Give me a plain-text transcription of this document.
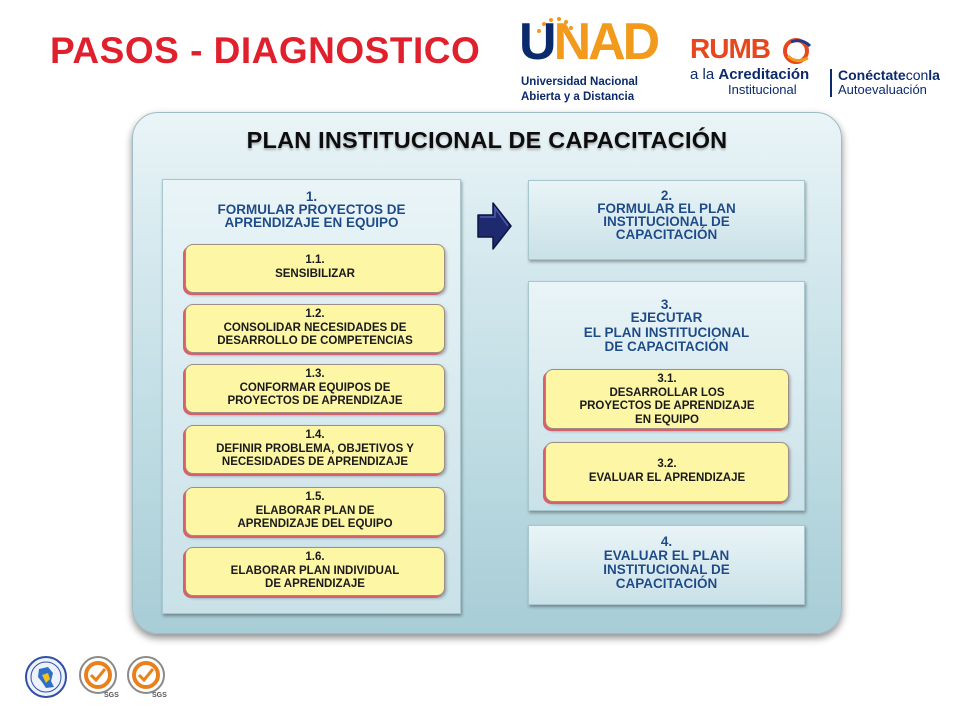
PASOS - DIAGNOSTICO UNAD
Universidad Nacional
Abierta y a Distancia
RUMB
a la Acreditación
Institucional
Conéctateconla
Autoevaluación
PLAN INSTITUCIONAL DE CAPACITACIÓN
1.
FORMULAR PROYECTOS DE
APRENDIZAJE EN EQUIPO
1.1.
SENSIBILIZAR
1.2.
CONSOLIDAR NECESIDADES DE
DESARROLLO DE COMPETENCIAS
1.3.
CONFORMAR EQUIPOS DE
PROYECTOS DE APRENDIZAJE
1.4.
DEFINIR PROBLEMA, OBJETIVOS Y
NECESIDADES DE APRENDIZAJE
1.5.
ELABORAR PLAN DE
APRENDIZAJE DEL EQUIPO
1.6.
ELABORAR PLAN INDIVIDUAL
DE APRENDIZAJE
2.
FORMULAR EL PLAN
INSTITUCIONAL DE
CAPACITACIÓN
3.
EJECUTAR
EL PLAN INSTITUCIONAL
DE CAPACITACIÓN
3.1.
DESARROLLAR LOS
PROYECTOS DE APRENDIZAJE
EN EQUIPO
3.2.
EVALUAR EL APRENDIZAJE
4.
EVALUAR EL PLAN
INSTITUCIONAL DE
CAPACITACIÓN
SGS	SGS
